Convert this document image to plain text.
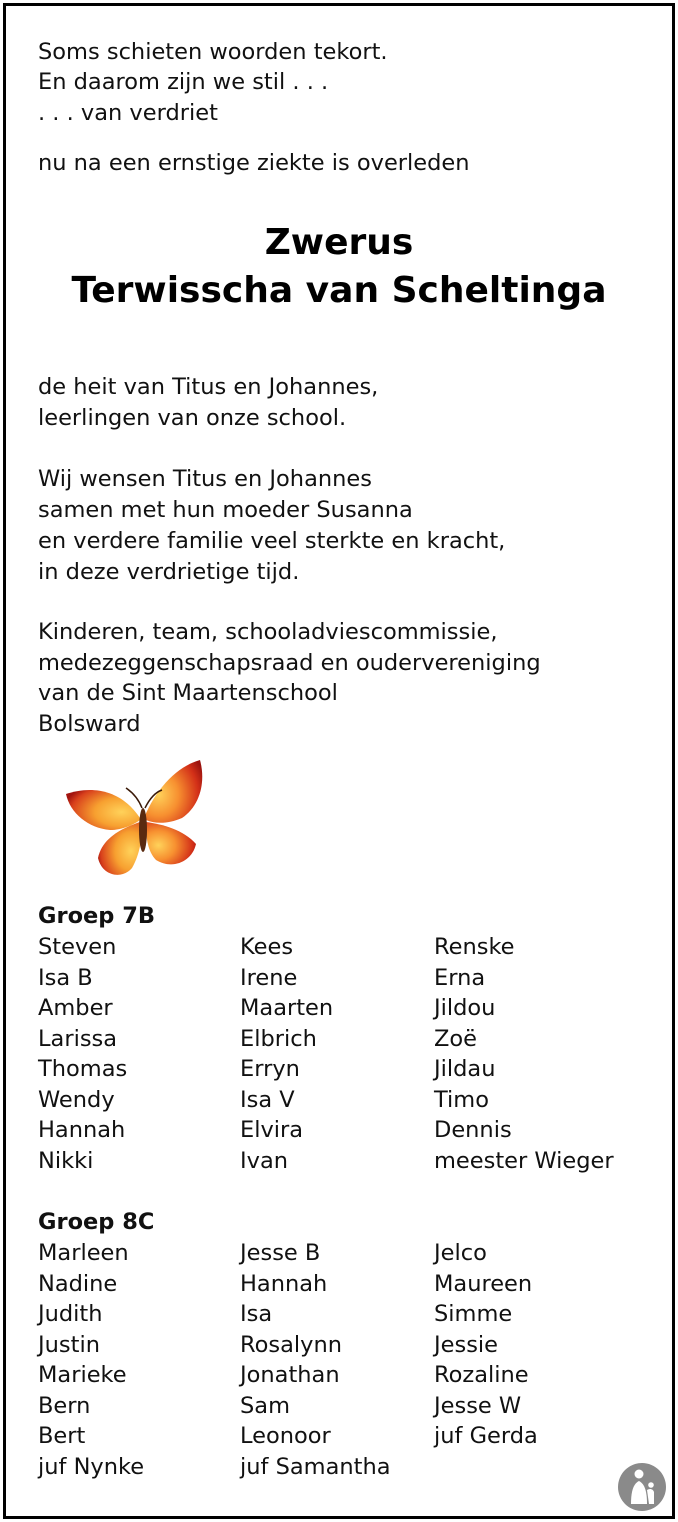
Soms schieten woorden tekort.
En daarom zijn we stil . . .
. . . van verdriet
nu na een ernstige ziekte is overleden
Zwerus
Terwisscha van Scheltinga
de heit van Titus en Johannes,
leerlingen van onze school.
Wij wensen Titus en Johannes
samen met hun moeder Susanna
en verdere familie veel sterkte en kracht,
in deze verdrietige tijd.
Kinderen, team, schooladviescommissie,
medezeggenschapsraad en oudervereniging
van de Sint Maartenschool
Bolsward
Groep 7B
Steven
Isa B
Amber
Larissa
Thomas
Wendy
Hannah
Nikki
Kees
Irene
Maarten
Elbrich
Erryn
Isa V
Elvira
Ivan
Renske
Erna
Jildou
Zoë
Jildau
Timo
Dennis
meester Wieger
Groep 8C
Marleen
Nadine
Judith
Justin
Marieke
Bern
Bert
juf Nynke
Jesse B
Hannah
Isa
Rosalynn
Jonathan
Sam
Leonoor
juf Samantha
Jelco
Maureen
Simme
Jessie
Rozaline
Jesse W
juf Gerda
